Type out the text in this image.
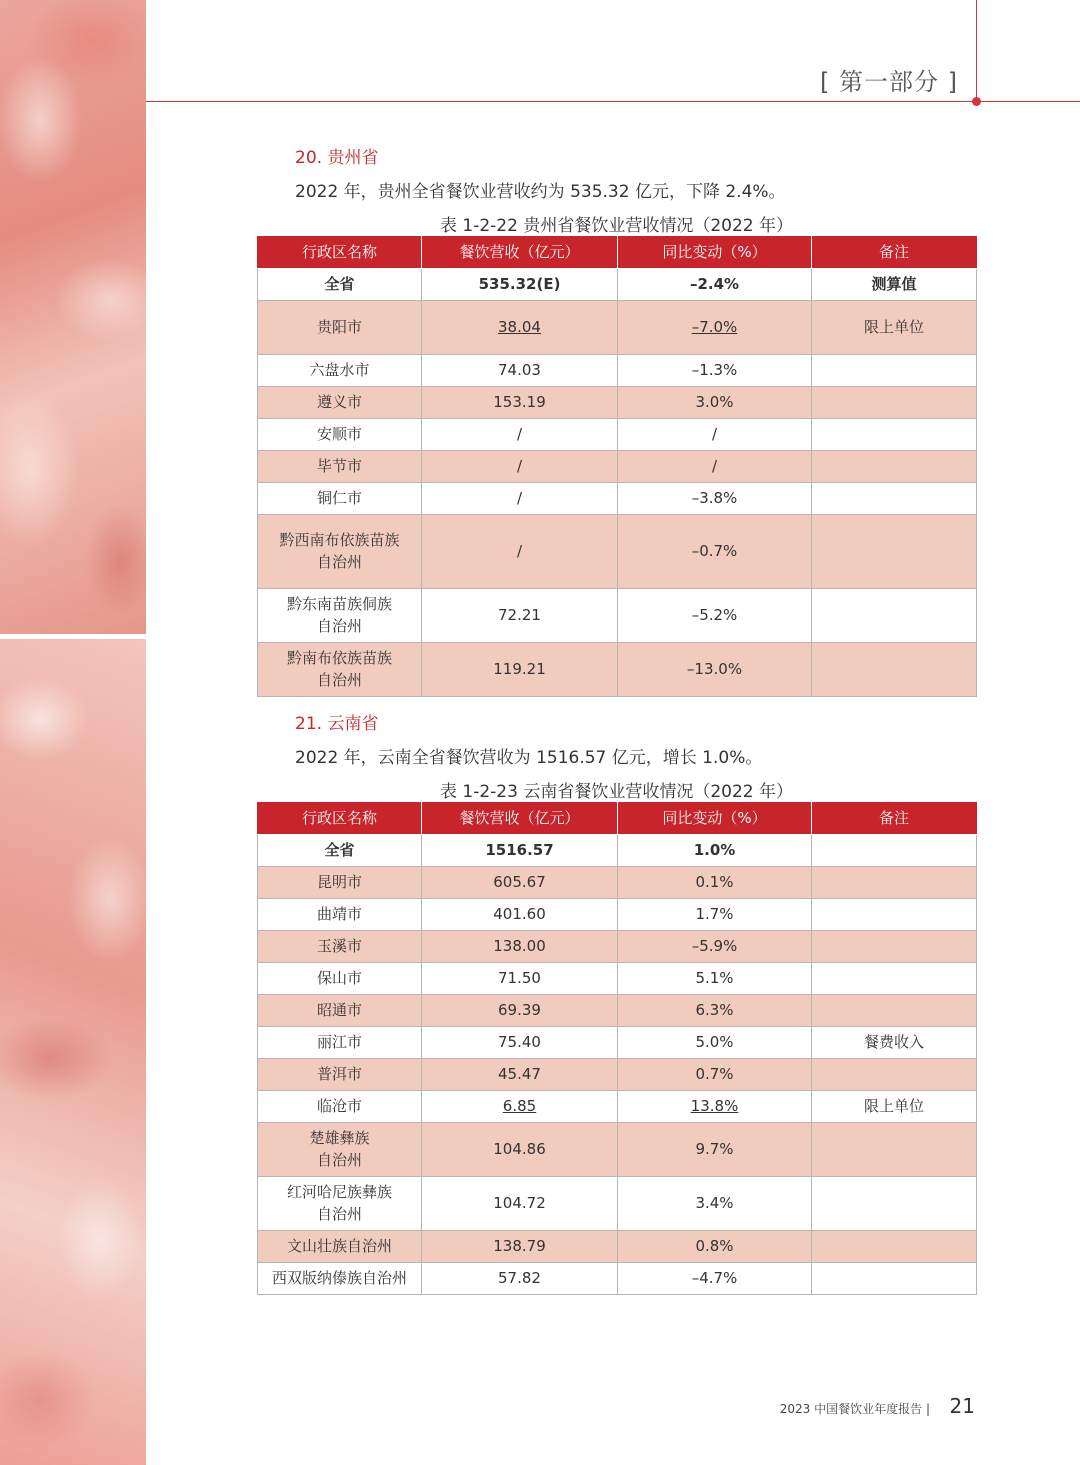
[ 第一部分 ]
20. 贵州省
2022 年，贵州全省餐饮业营收约为 535.32 亿元，下降 2.4%。
表 1-2-22 贵州省餐饮业营收情况（2022 年）
行政区名称	餐饮营收（亿元）	同比变动（%）	备注
全省	535.32(E)	–2.4%	测算值
贵阳市	38.04	–7.0%	限上单位
六盘水市	74.03	–1.3%	
遵义市	153.19	3.0%	
安顺市	/	/	
毕节市	/	/	
铜仁市	/	–3.8%	
黔西南布依族苗族
自治州	/	–0.7%	
黔东南苗族侗族
自治州	72.21	–5.2%	
黔南布依族苗族
自治州	119.21	–13.0%	
21. 云南省
2022 年，云南全省餐饮营收为 1516.57 亿元，增长 1.0%。
表 1-2-23 云南省餐饮业营收情况（2022 年）
行政区名称	餐饮营收（亿元）	同比变动（%）	备注
全省	1516.57	1.0%	
昆明市	605.67	0.1%	
曲靖市	401.60	1.7%	
玉溪市	138.00	–5.9%	
保山市	71.50	5.1%	
昭通市	69.39	6.3%	
丽江市	75.40	5.0%	餐费收入
普洱市	45.47	0.7%	
临沧市	6.85	13.8%	限上单位
楚雄彝族
自治州	104.86	9.7%	
红河哈尼族彝族
自治州	104.72	3.4%	
文山壮族自治州	138.79	0.8%	
西双版纳傣族自治州	57.82	–4.7%	
2023 中国餐饮业年度报告 | 21
